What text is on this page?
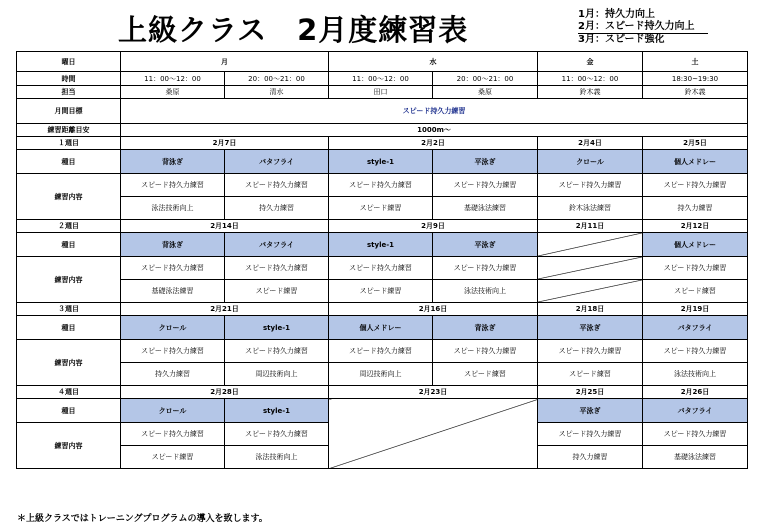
上級クラス　2月度練習表	1月：持久力向上
2月：スピード持久力向上
3月：スピード強化
曜日	月		水		金	土
時間	11：00～12：00	20：00～21：00	11：00～12：00	20：00～21：00	11：00～12：00	18:30~19:30
担当	桑原	清水	田口	桑原	鈴木義	鈴木義
月間目標	スピード持久力練習					
練習距離目安	1000m～					
１週目	2月7日		2月2日		2月4日	2月5日
種目	背泳ぎ	バタフライ	style-1	平泳ぎ	クロール	個人メドレー
練習内容	スピード持久力練習	スピード持久力練習	スピード持久力練習	スピード持久力練習	スピード持久力練習	スピード持久力練習
	泳法技術向上	持久力練習	スピード練習	基礎泳法練習	鈴木泳法練習	持久力練習
２週目	2月14日		2月9日		2月11日	2月12日
種目	背泳ぎ	バタフライ	style-1	平泳ぎ		個人メドレー
練習内容	スピード持久力練習	スピード持久力練習	スピード持久力練習	スピード持久力練習		スピード持久力練習
	基礎泳法練習	スピード練習	スピード練習	泳法技術向上		スピード練習
３週目	2月21日		2月16日		2月18日	2月19日
種目	クロール	style-1	個人メドレー	背泳ぎ	平泳ぎ	バタフライ
練習内容	スピード持久力練習	スピード持久力練習	スピード持久力練習	スピード持久力練習	スピード持久力練習	スピード持久力練習
	持久力練習	周辺技術向上	周辺技術向上	スピード練習	スピード練習	泳法技術向上
４週目	2月28日		2月23日		2月25日	2月26日
種目	クロール	style-1			平泳ぎ	バタフライ
練習内容	スピード持久力練習	スピード持久力練習			スピード持久力練習	スピード持久力練習
	スピード練習	泳法技術向上			持久力練習	基礎泳法練習
＊上級クラスではトレーニングプログラムの導入を致します。
